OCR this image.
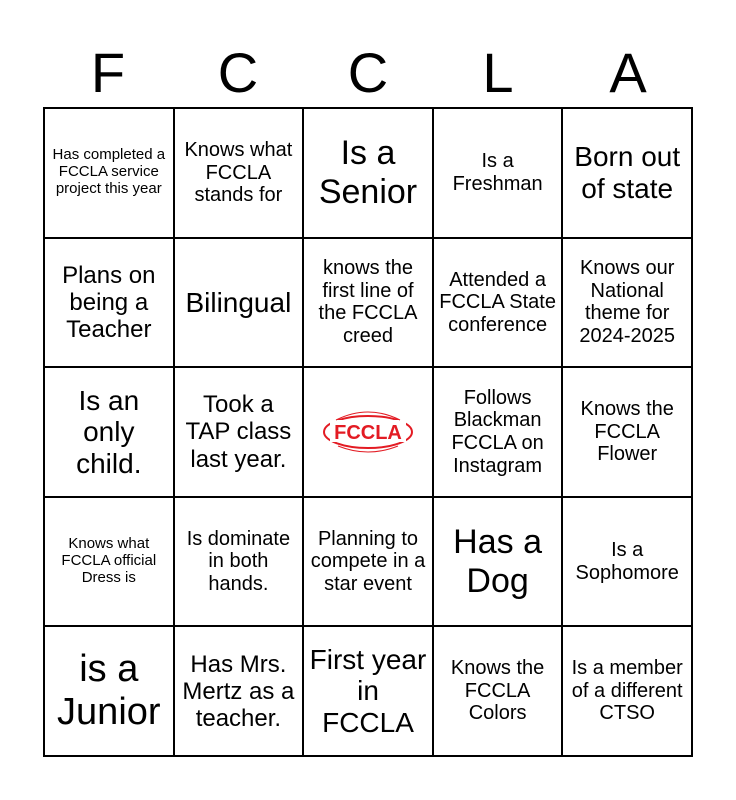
F	C	C	L	A
Has completed a FCCLA service project this year
Knows what FCCLA stands for
Is a Senior
Is a Freshman
Born out of state
Plans on being a Teacher
Bilingual
knows the first line of the FCCLA creed
Attended a FCCLA State conference
Knows our National theme for 2024-2025
Is an only child.
Took a TAP class last year.
FCCLA
Follows Blackman FCCLA on Instagram
Knows the FCCLA Flower
Knows what FCCLA official Dress is
Is dominate in both hands.
Planning to compete in a star event
Has a Dog
Is a Sophomore
is a Junior
Has Mrs. Mertz as a teacher.
First year in FCCLA
Knows the FCCLA Colors
Is a member of a different CTSO
